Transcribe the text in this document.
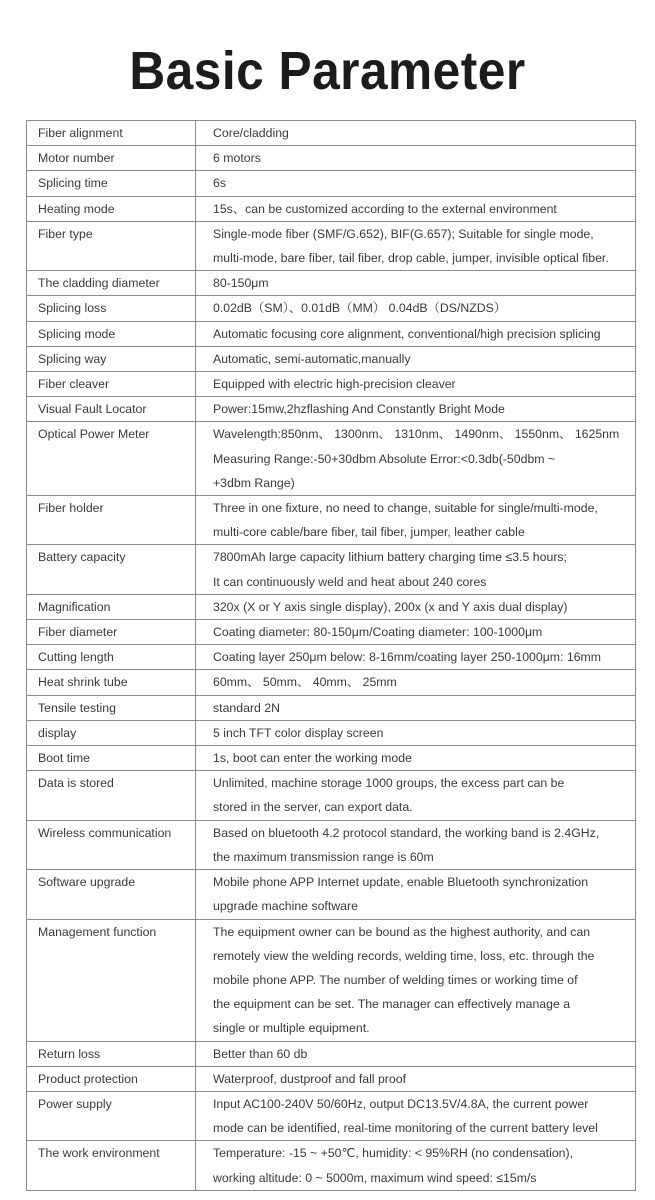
Basic Parameter
Fiber alignment	Core/cladding

Motor number	6 motors

Splicing time	6s

Heating mode	15s、can be customized according to the external environment

Fiber type	Single-mode fiber (SMF/G.652), BIF(G.657); Suitable for single mode,
multi-mode, bare fiber, tail fiber, drop cable, jumper, invisible optical fiber.

The cladding diameter	80-150μm

Splicing loss	0.02dB（SM）、0.01dB（MM） 0.04dB（DS/NZDS）

Splicing mode	Automatic focusing core alignment, conventional/high precision splicing

Splicing way	Automatic, semi-automatic,manually

Fiber cleaver	Equipped with electric high-precision cleaver

Visual Fault Locator	Power:15mw,2hzflashing And Constantly Bright Mode

Optical Power Meter	Wavelength:850nm、 1300nm、 1310nm、 1490nm、 1550nm、 1625nm
Measuring Range:-50+30dbm Absolute Error:<0.3db(-50dbm ~
+3dbm Range)

Fiber holder	Three in one fixture, no need to change, suitable for single/multi-mode,
multi-core cable/bare fiber, tail fiber, jumper, leather cable

Battery capacity	7800mAh large capacity lithium battery charging time ≤3.5 hours;
It can continuously weld and heat about 240 cores

Magnification	320x (X or Y axis single display), 200x (x and Y axis dual display)

Fiber diameter	Coating diameter: 80-150μm/Coating diameter: 100-1000μm

Cutting length	Coating layer 250μm below: 8-16mm/coating layer 250-1000μm: 16mm

Heat shrink tube	60mm、 50mm、 40mm、 25mm

Tensile testing	standard 2N

display	5 inch TFT color display screen

Boot time	1s, boot can enter the working mode

Data is stored	Unlimited, machine storage 1000 groups, the excess part can be
stored in the server, can export data.

Wireless communication	Based on bluetooth 4.2 protocol standard, the working band is 2.4GHz,
the maximum transmission range is 60m

Software upgrade	Mobile phone APP Internet update, enable Bluetooth synchronization
upgrade machine software

Management function	The equipment owner can be bound as the highest authority, and can
remotely view the welding records, welding time, loss, etc. through the
mobile phone APP. The number of welding times or working time of
the equipment can be set. The manager can effectively manage a
single or multiple equipment.

Return loss	Better than 60 db

Product protection	Waterproof, dustproof and fall proof

Power supply	Input AC100-240V 50/60Hz, output DC13.5V/4.8A, the current power
mode can be identified, real-time monitoring of the current battery level

The work environment	Temperature: -15 ~ +50℃, humidity: < 95%RH (no condensation),
working altitude: 0 ~ 5000m, maximum wind speed: ≤15m/s
